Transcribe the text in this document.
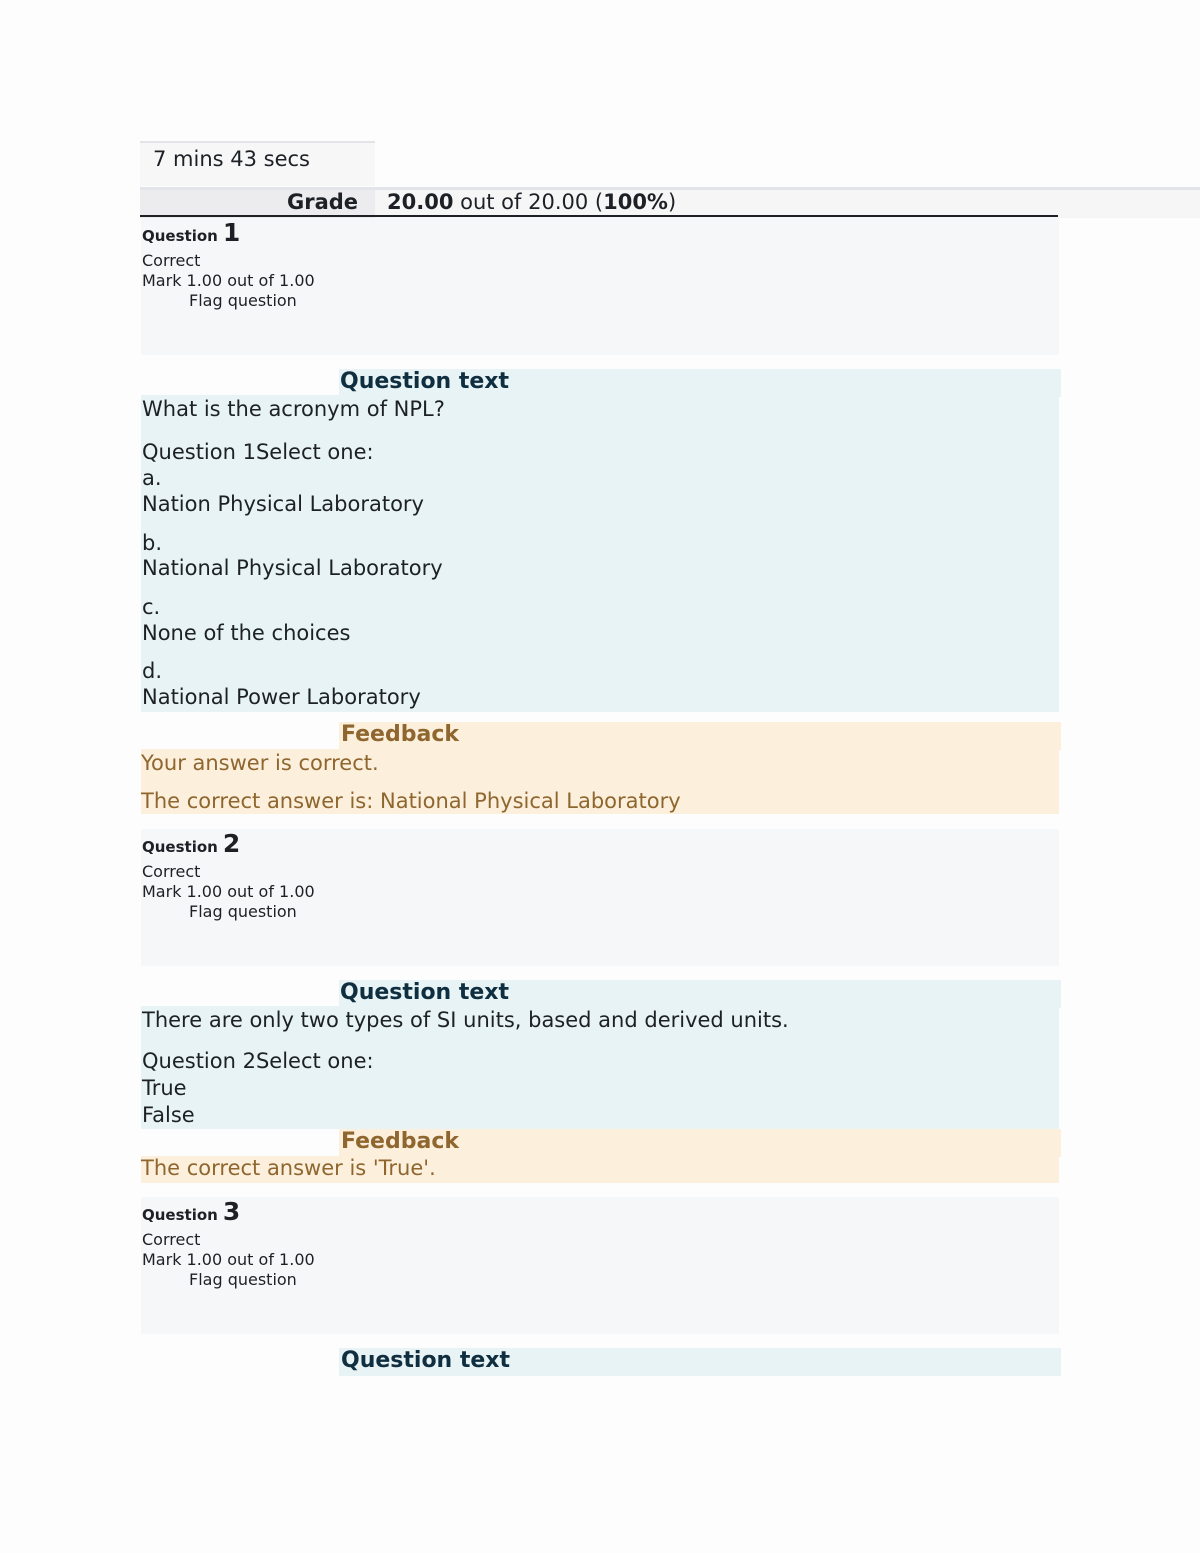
7 mins 43 secs
Grade 20.00 out of 20.00 (100%)
Question 1
Correct
Mark 1.00 out of 1.00
Flag question
Question text
What is the acronym of NPL?
Question 1Select one:
a.
Nation Physical Laboratory
b.
National Physical Laboratory
c.
None of the choices
d.
National Power Laboratory
Feedback
Your answer is correct.
The correct answer is: National Physical Laboratory
Question 2
Correct
Mark 1.00 out of 1.00
Flag question
Question text
There are only two types of SI units, based and derived units.
Question 2Select one:
True
False
Feedback
The correct answer is 'True'.
Question 3
Correct
Mark 1.00 out of 1.00
Flag question
Question text
